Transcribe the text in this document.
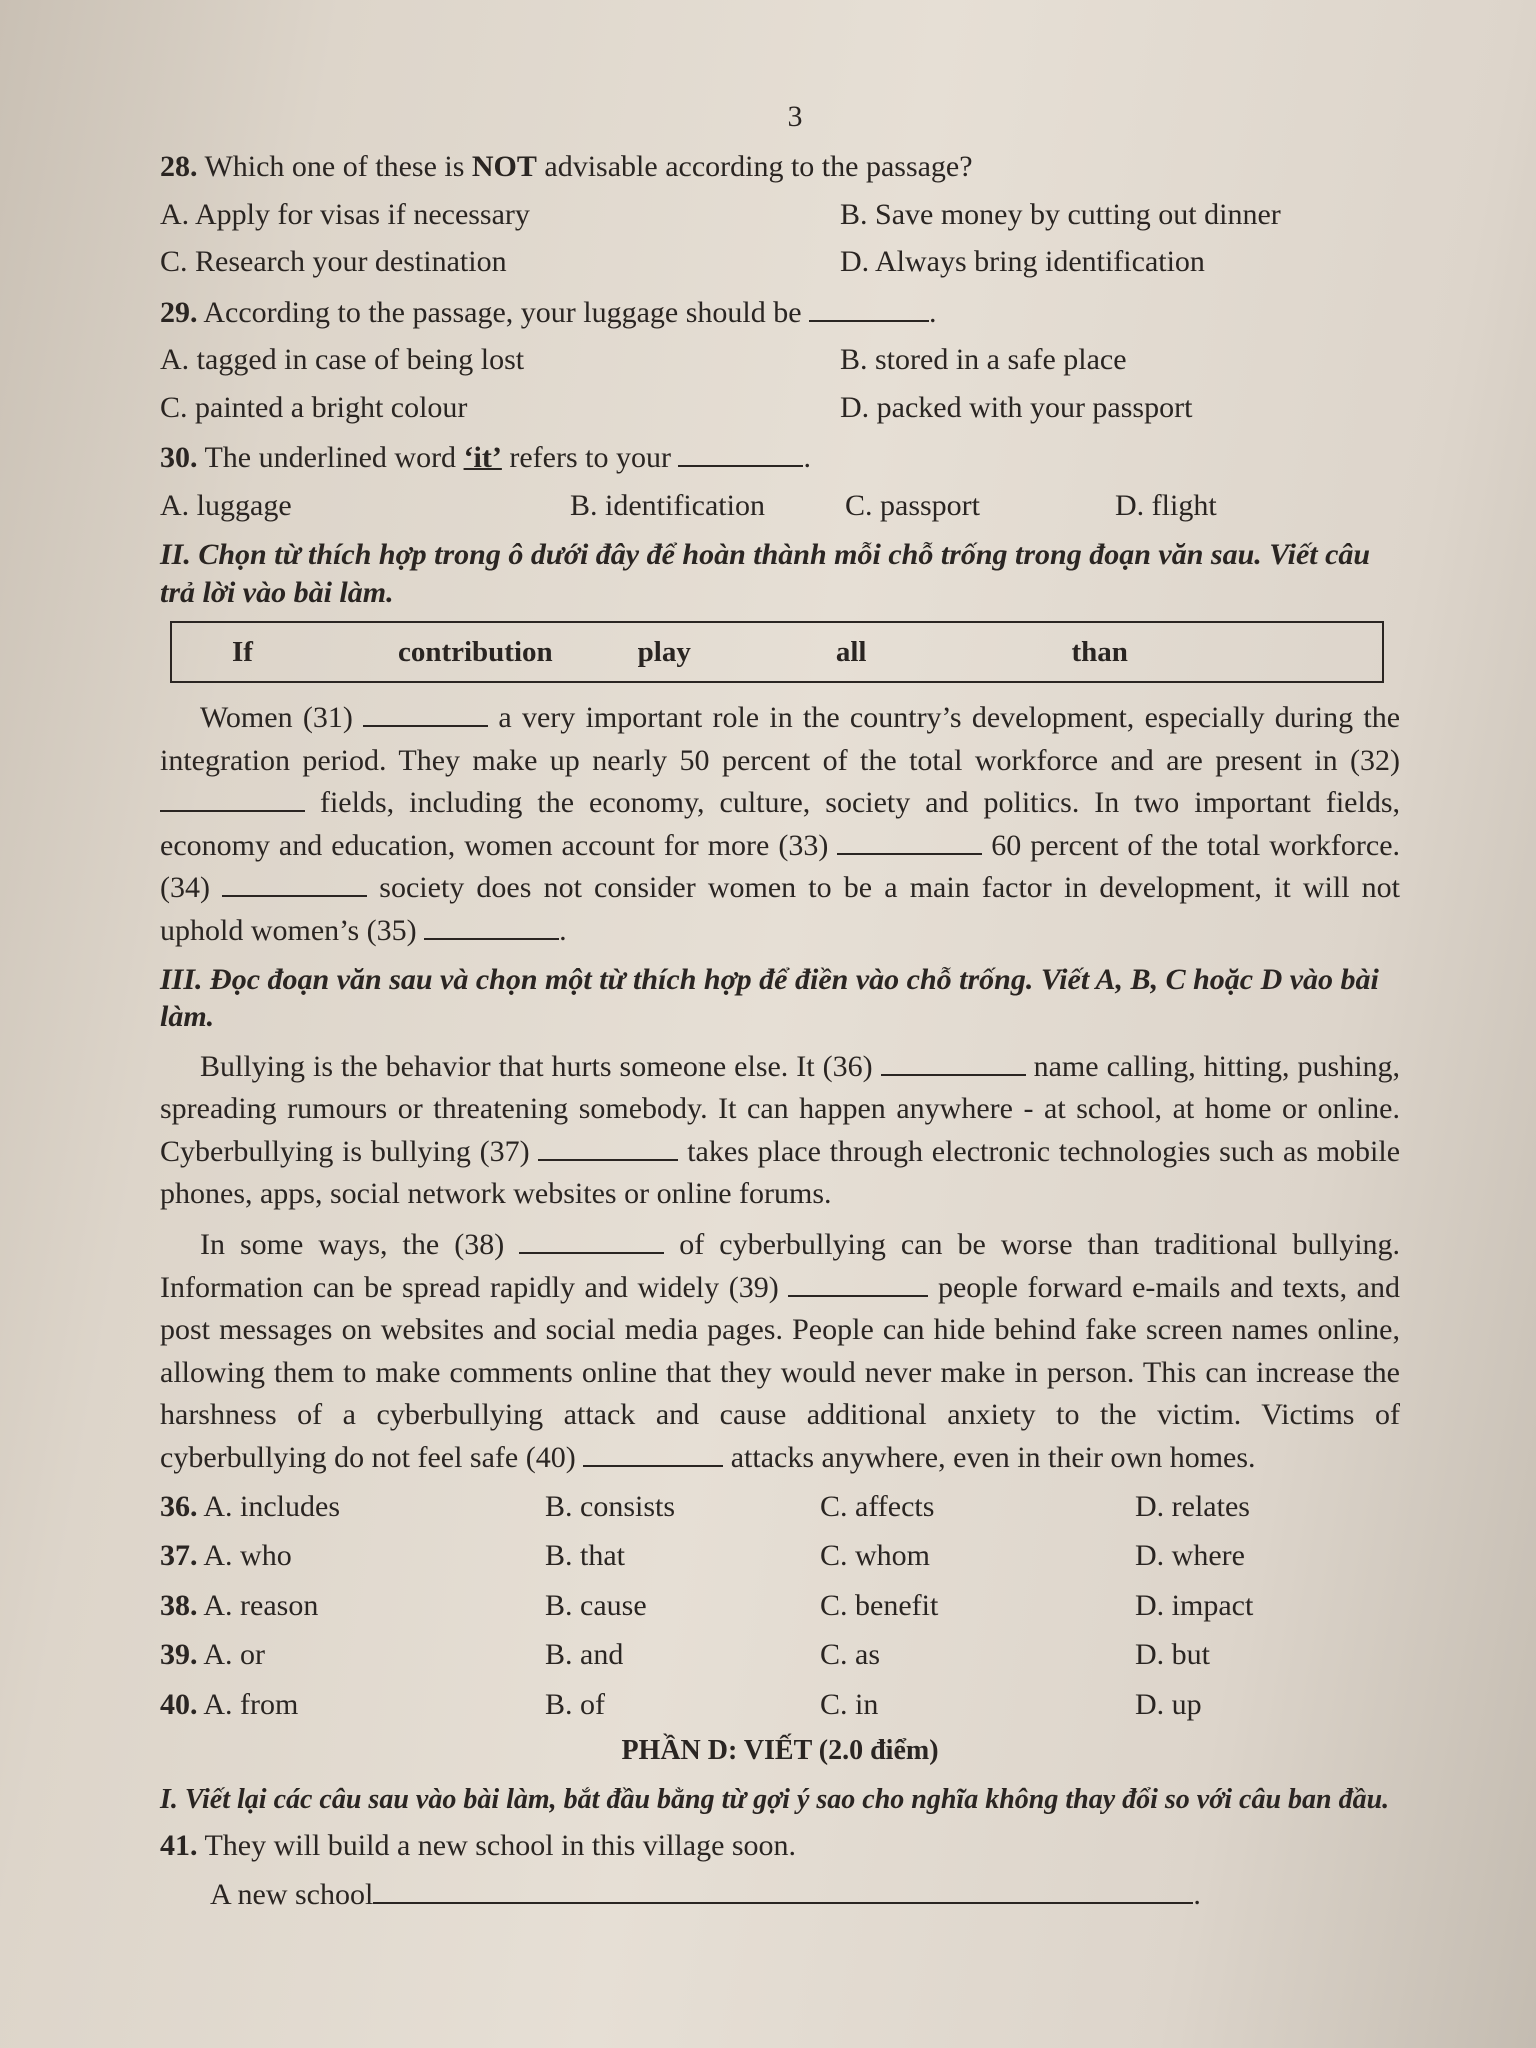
3

28. Which one of these is NOT advisable according to the passage?

A. Apply for visas if necessary	B. Save money by cutting out dinner
C. Research your destination	D. Always bring identification

29. According to the passage, your luggage should be	.

A. tagged in case of being lost	B. stored in a safe place
C. painted a bright colour	D. packed with your passport

30. The underlined word ‘it’ refers to your	.

A. luggage	B. identification	C. passport	D. flight

II. Chọn từ thích hợp trong ô dưới đây để hoàn thành mỗi chỗ trống trong đoạn văn sau. Viết câu trả lời vào bài làm.

If	contribution	play	all	than

Women (31)	a very important role in the country’s development, especially during the integration period. They make up nearly 50 percent of the total workforce and are present in (32)  fields, including the economy, culture, society and politics. In two important fields, economy and education, women account for more (33)	60 percent of the total workforce. (34)	society does not consider women to be a main factor in development, it will not uphold women’s (35)	.

III. Đọc đoạn văn sau và chọn một từ thích hợp để điền vào chỗ trống. Viết A, B, C hoặc D vào bài làm.

Bullying is the behavior that hurts someone else. It (36)	name calling, hitting, pushing, spreading rumours or threatening somebody. It can happen anywhere - at school, at home or online. Cyberbullying is bullying (37)	takes place through electronic technologies such as mobile phones, apps, social network websites or online forums.

In some ways, the (38)	of cyberbullying can be worse than traditional bullying. Information can be spread rapidly and widely (39)	people forward e-mails and texts, and post messages on websites and social media pages. People can hide behind fake screen names online, allowing them to make comments online that they would never make in person. This can increase the harshness of a cyberbullying attack and cause additional anxiety to the victim. Victims of cyberbullying do not feel safe (40)	attacks anywhere, even in their own homes.

36. A. includes	B. consists	C. affects	D. relates
37. A. who	B. that	C. whom	D. where
38. A. reason	B. cause	C. benefit	D. impact
39. A. or	B. and	C. as	D. but
40. A. from	B. of	C. in	D. up

PHẦN D: VIẾT (2.0 điểm)

I. Viết lại các câu sau vào bài làm, bắt đầu bằng từ gợi ý sao cho nghĩa không thay đổi so với câu ban đầu.

41. They will build a new school in this village soon.

A new school	.
